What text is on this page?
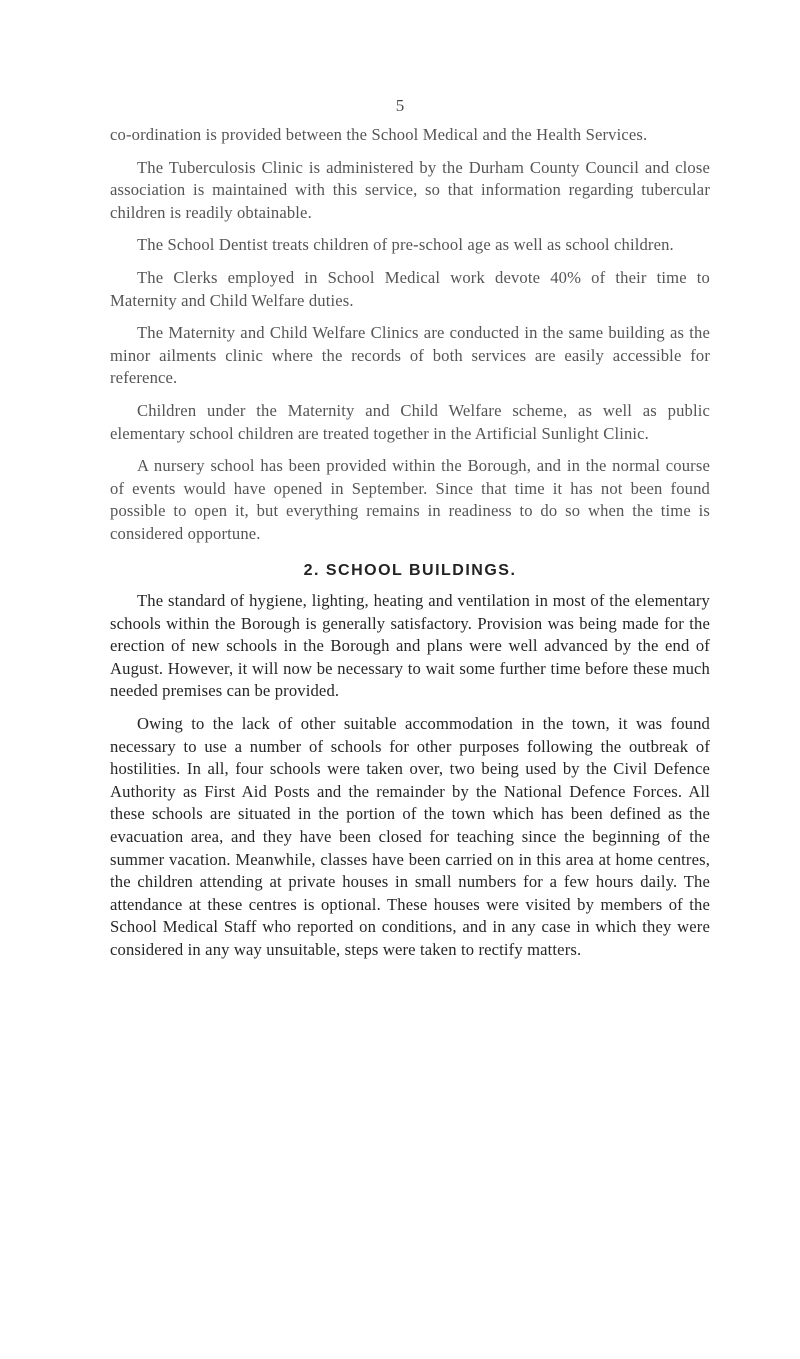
5

co-ordination is provided between the School Medical and the Health Services.

The Tuberculosis Clinic is administered by the Durham County Council and close association is maintained with this service, so that information regarding tubercular children is readily obtainable.

The School Dentist treats children of pre-school age as well as school children.

The Clerks employed in School Medical work devote 40% of their time to Maternity and Child Welfare duties.

The Maternity and Child Welfare Clinics are conducted in the same building as the minor ailments clinic where the records of both services are easily accessible for reference.

Children under the Maternity and Child Welfare scheme, as well as public elementary school children are treated together in the Artificial Sunlight Clinic.

A nursery school has been provided within the Borough, and in the normal course of events would have opened in September. Since that time it has not been found possible to open it, but everything remains in readiness to do so when the time is considered opportune.

2. SCHOOL BUILDINGS.

The standard of hygiene, lighting, heating and ventilation in most of the elementary schools within the Borough is generally satisfactory. Provision was being made for the erection of new schools in the Borough and plans were well advanced by the end of August. However, it will now be necessary to wait some further time before these much needed premises can be provided.

Owing to the lack of other suitable accommodation in the town, it was found necessary to use a number of schools for other purposes following the outbreak of hostilities. In all, four schools were taken over, two being used by the Civil Defence Authority as First Aid Posts and the remainder by the National Defence Forces. All these schools are situated in the portion of the town which has been defined as the evacuation area, and they have been closed for teaching since the beginning of the summer vacation. Meanwhile, classes have been carried on in this area at home centres, the children attending at private houses in small numbers for a few hours daily. The attendance at these centres is optional. These houses were visited by members of the School Medical Staff who reported on conditions, and in any case in which they were considered in any way unsuitable, steps were taken to rectify matters.
